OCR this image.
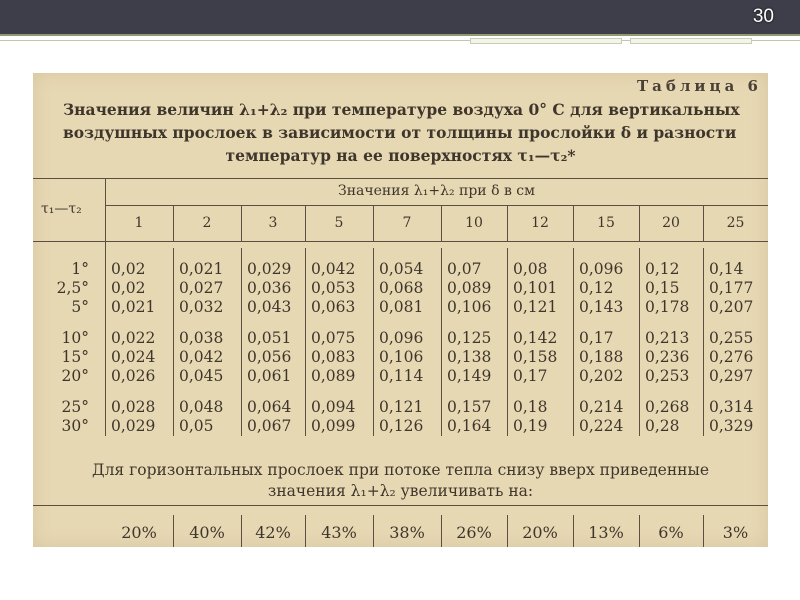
30
Таблица 6
Значения величин λ₁+λ₂ при температуре воздуха 0° С для вертикальных
воздушных прослоек в зависимости от толщины прослойки δ и разности
температур на ее поверхностях τ₁—τ₂*
τ₁—τ₂
Значения λ₁+λ₂ при δ в см
1	2	3	5	7	10	12	15	20	25
1° 0,02 0,021 0,029 0,042 0,054 0,07 0,08 0,096 0,12 0,14
2,5° 0,02 0,027 0,036 0,053 0,068 0,089 0,101 0,12 0,15 0,177
5° 0,021 0,032 0,043 0,063 0,081 0,106 0,121 0,143 0,178 0,207
10° 0,022 0,038 0,051 0,075 0,096 0,125 0,142 0,17 0,213 0,255
15° 0,024 0,042 0,056 0,083 0,106 0,138 0,158 0,188 0,236 0,276
20° 0,026 0,045 0,061 0,089 0,114 0,149 0,17 0,202 0,253 0,297
25° 0,028 0,048 0,064 0,094 0,121 0,157 0,18 0,214 0,268 0,314
30° 0,029 0,05 0,067 0,099 0,126 0,164 0,19 0,224 0,28 0,329
Для горизонтальных прослоек при потоке тепла снизу вверх приведенные
значения λ₁+λ₂ увеличивать на:
20%	40%	42%	43%	38%	26%	20%	13%	6%	3%
